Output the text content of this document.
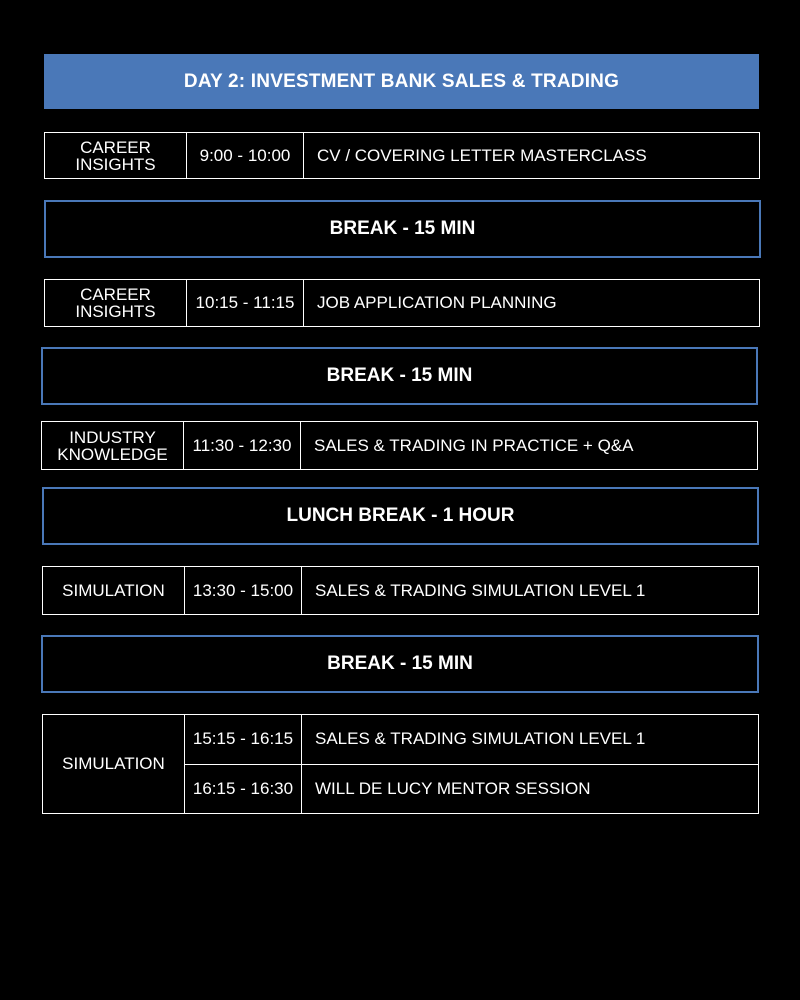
DAY 2: INVESTMENT BANK SALES & TRADING
CAREER INSIGHTS	9:00 - 10:00	CV / COVERING LETTER MASTERCLASS
BREAK - 15 MIN
CAREER INSIGHTS	10:15 - 11:15	JOB APPLICATION PLANNING
BREAK - 15 MIN
INDUSTRY KNOWLEDGE	11:30 - 12:30	SALES & TRADING IN PRACTICE + Q&A
LUNCH BREAK - 1 HOUR
SIMULATION	13:30 - 15:00	SALES & TRADING SIMULATION LEVEL 1
BREAK - 15 MIN
SIMULATION
15:15 - 16:15	SALES & TRADING SIMULATION LEVEL 1
16:15 - 16:30	WILL DE LUCY MENTOR SESSION
